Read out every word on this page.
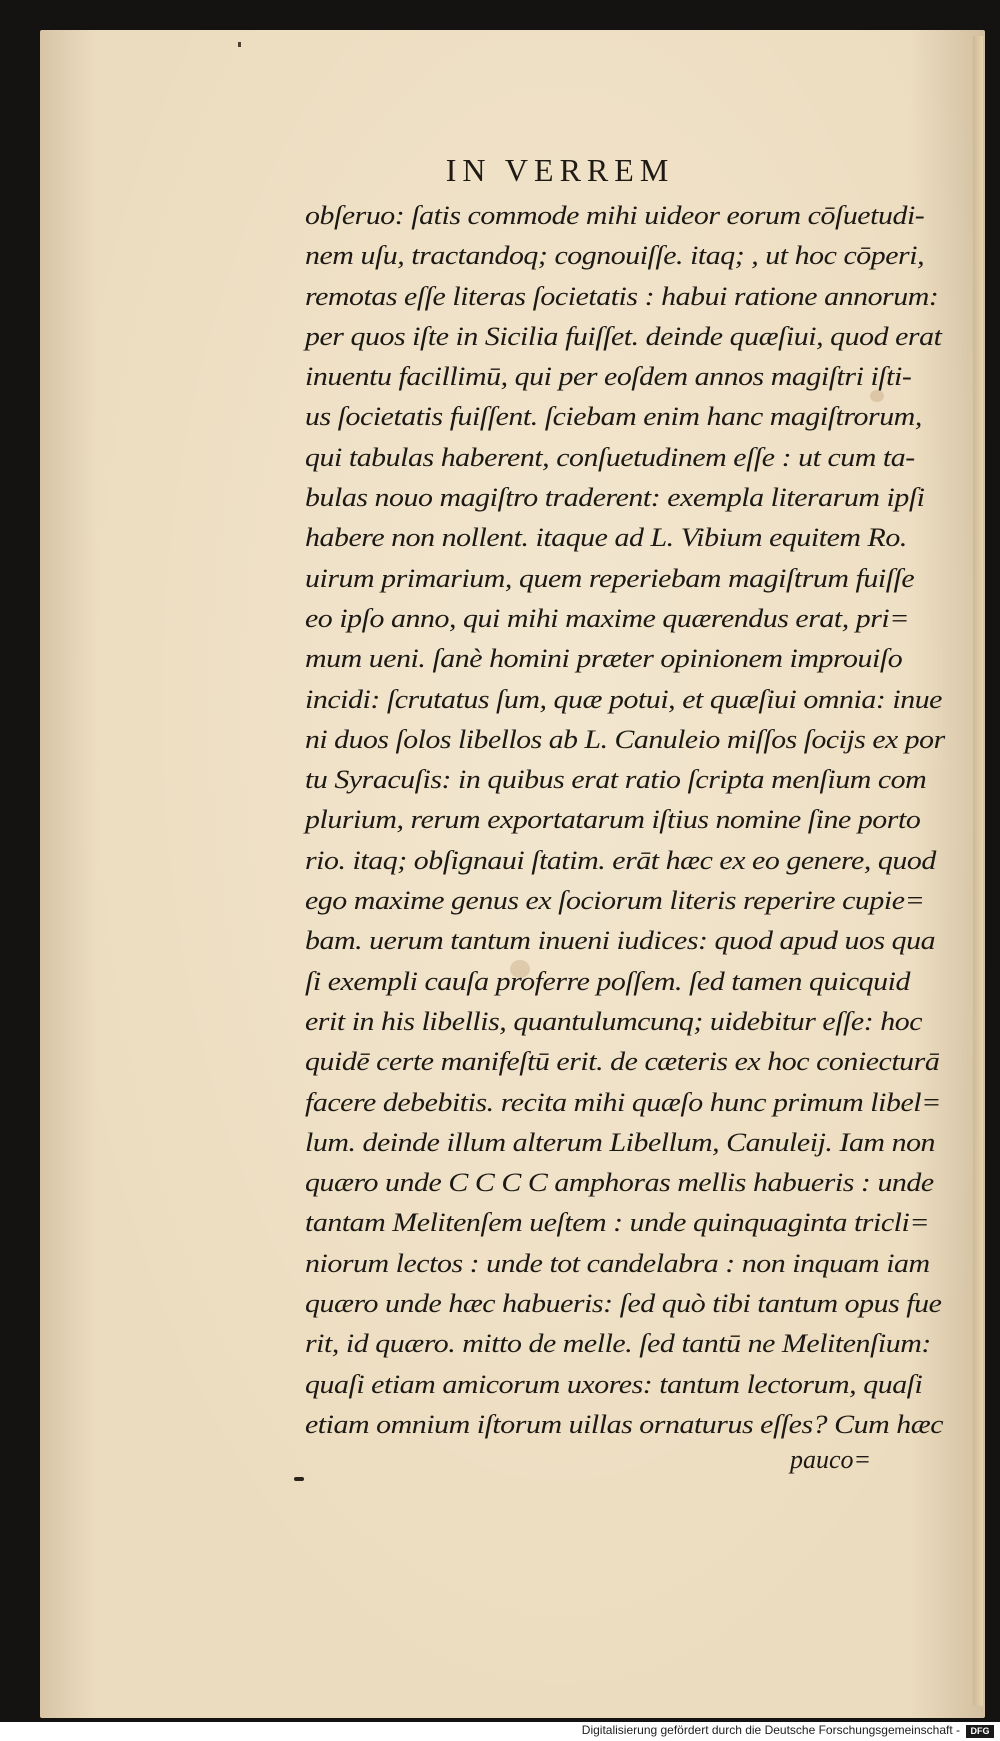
IN VERREM
obſeruo: ſatis commode mihi uideor eorum cōſuetudi-
nem uſu, tractandoq; cognouiſſe. itaq; , ut hoc cōperi,
remotas eſſe literas ſocietatis : habui ratione annorum:
per quos iſte in Sicilia fuiſſet. deinde quæſiui, quod erat
inuentu facillimū, qui per eoſdem annos magiſtri iſti-
us ſocietatis fuiſſent. ſciebam enim hanc magiſtrorum,
qui tabulas haberent, conſuetudinem eſſe : ut cum ta-
bulas nouo magiſtro traderent: exempla literarum ipſi
habere non nollent. itaque ad L. Vibium equitem Ro.
uirum primarium, quem reperiebam magiſtrum fuiſſe
eo ipſo anno, qui mihi maxime quærendus erat, pri=
mum ueni. ſanè homini præter opinionem improuiſo
incidi: ſcrutatus ſum, quæ potui, et quæſiui omnia: inue
ni duos ſolos libellos ab L. Canuleio miſſos ſocijs ex por
tu Syracuſis: in quibus erat ratio ſcripta menſium com
plurium, rerum exportatarum iſtius nomine ſine porto
rio. itaq; obſignaui ſtatim. erāt hæc ex eo genere, quod
ego maxime genus ex ſociorum literis reperire cupie=
bam. uerum tantum inueni iudices: quod apud uos qua
ſi exempli cauſa proferre poſſem. ſed tamen quicquid
erit in his libellis, quantulumcunq; uidebitur eſſe: hoc
quidē certe manifeſtū erit. de cæteris ex hoc coniecturā
facere debebitis. recita mihi quæſo hunc primum libel=
lum. deinde illum alterum Libellum, Canuleij. Iam non
quæro unde C C C C amphoras mellis habueris : unde
tantam Melitenſem ueſtem : unde quinquaginta tricli=
niorum lectos : unde tot candelabra : non inquam iam
quæro unde hæc habueris: ſed quò tibi tantum opus fue
rit, id quæro. mitto de melle. ſed tantū ne Melitenſium:
quaſi etiam amicorum uxores: tantum lectorum, quaſi
etiam omnium iſtorum uillas ornaturus eſſes? Cum hæc
pauco=
Digitalisierung gefördert durch die Deutsche Forschungsgemeinschaft -	DFG
